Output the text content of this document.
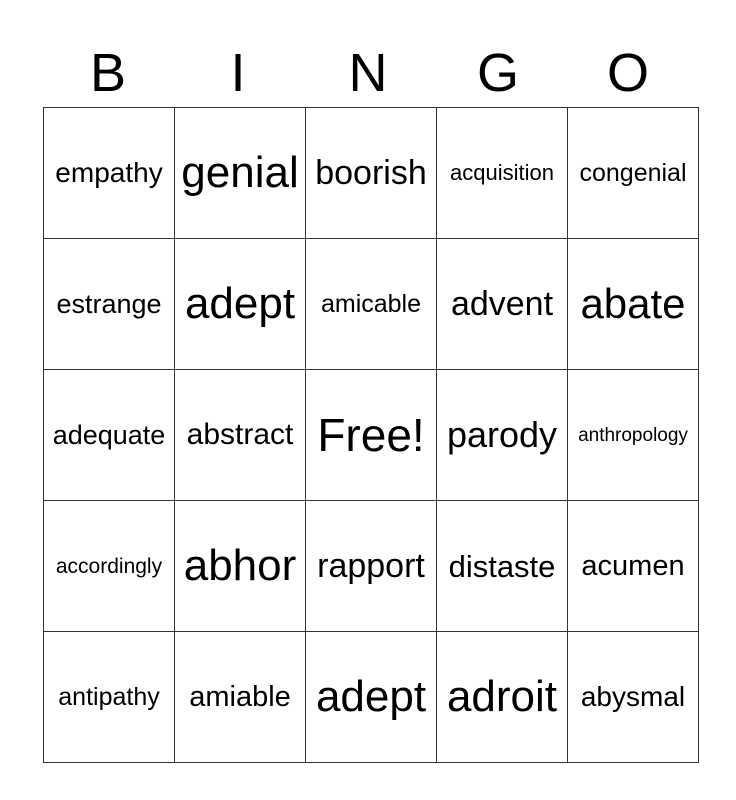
B	I	N	G	O
empathy	genial	boorish	acquisition	congenial
estrange	adept	amicable	advent	abate
adequate	abstract	Free!	parody	anthropology
accordingly	abhor	rapport	distaste	acumen
antipathy	amiable	adept	adroit	abysmal
